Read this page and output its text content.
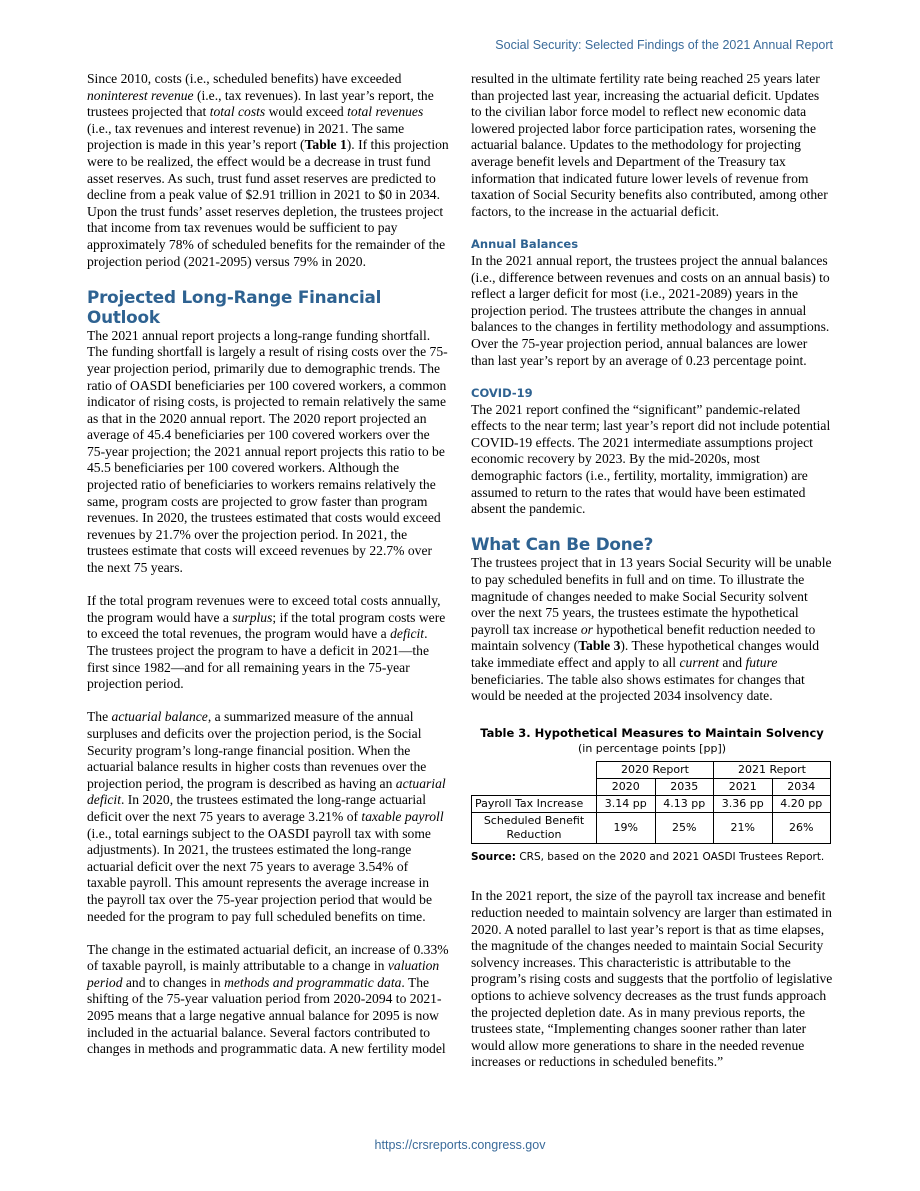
Social Security: Selected Findings of the 2021 Annual Report

Since 2010, costs (i.e., scheduled benefits) have exceeded noninterest revenue (i.e., tax revenues). In last year’s report, the trustees projected that total costs would exceed total revenues (i.e., tax revenues and interest revenue) in 2021. The same projection is made in this year’s report (Table 1). If this projection were to be realized, the effect would be a decrease in trust fund asset reserves. As such, trust fund asset reserves are predicted to decline from a peak value of $2.91 trillion in 2021 to $0 in 2034. Upon the trust funds’ asset reserves depletion, the trustees project that income from tax revenues would be sufficient to pay approximately 78% of scheduled benefits for the remainder of the projection period (2021-2095) versus 79% in 2020.

Projected Long-Range Financial Outlook

The 2021 annual report projects a long-range funding shortfall. The funding shortfall is largely a result of rising costs over the 75-year projection period, primarily due to demographic trends. The ratio of OASDI beneficiaries per 100 covered workers, a common indicator of rising costs, is projected to remain relatively the same as that in the 2020 annual report. The 2020 report projected an average of 45.4 beneficiaries per 100 covered workers over the 75-year projection; the 2021 annual report projects this ratio to be 45.5 beneficiaries per 100 covered workers. Although the projected ratio of beneficiaries to workers remains relatively the same, program costs are projected to grow faster than program revenues. In 2020, the trustees estimated that costs would exceed revenues by 21.7% over the projection period. In 2021, the trustees estimate that costs will exceed revenues by 22.7% over the next 75 years.

If the total program revenues were to exceed total costs annually, the program would have a surplus; if the total program costs were to exceed the total revenues, the program would have a deficit. The trustees project the program to have a deficit in 2021—the first since 1982—and for all remaining years in the 75-year projection period.

The actuarial balance, a summarized measure of the annual surpluses and deficits over the projection period, is the Social Security program’s long-range financial position. When the actuarial balance results in higher costs than revenues over the projection period, the program is described as having an actuarial deficit. In 2020, the trustees estimated the long-range actuarial deficit over the next 75 years to average 3.21% of taxable payroll (i.e., total earnings subject to the OASDI payroll tax with some adjustments). In 2021, the trustees estimated the long-range actuarial deficit over the next 75 years to average 3.54% of taxable payroll. This amount represents the average increase in the payroll tax over the 75-year projection period that would be needed for the program to pay full scheduled benefits on time.

The change in the estimated actuarial deficit, an increase of 0.33% of taxable payroll, is mainly attributable to a change in valuation period and to changes in methods and programmatic data. The shifting of the 75-year valuation period from 2020-2094 to 2021-2095 means that a large negative annual balance for 2095 is now included in the actuarial balance. Several factors contributed to changes in methods and programmatic data. A new fertility model

resulted in the ultimate fertility rate being reached 25 years later than projected last year, increasing the actuarial deficit. Updates to the civilian labor force model to reflect new economic data lowered projected labor force participation rates, worsening the actuarial balance. Updates to the methodology for projecting average benefit levels and Department of the Treasury tax information that indicated future lower levels of revenue from taxation of Social Security benefits also contributed, among other factors, to the increase in the actuarial deficit.

Annual Balances

In the 2021 annual report, the trustees project the annual balances (i.e., difference between revenues and costs on an annual basis) to reflect a larger deficit for most (i.e., 2021-2089) years in the projection period. The trustees attribute the changes in annual balances to the changes in fertility methodology and assumptions. Over the 75-year projection period, annual balances are lower than last year’s report by an average of 0.23 percentage point.

COVID-19

The 2021 report confined the “significant” pandemic-related effects to the near term; last year’s report did not include potential COVID-19 effects. The 2021 intermediate assumptions project economic recovery by 2023. By the mid-2020s, most demographic factors (i.e., fertility, mortality, immigration) are assumed to return to the rates that would have been estimated absent the pandemic.

What Can Be Done?

The trustees project that in 13 years Social Security will be unable to pay scheduled benefits in full and on time. To illustrate the magnitude of changes needed to make Social Security solvent over the next 75 years, the trustees estimate the hypothetical payroll tax increase or hypothetical benefit reduction needed to maintain solvency (Table 3). These hypothetical changes would take immediate effect and apply to all current and future beneficiaries. The table also shows estimates for changes that would be needed at the projected 2034 insolvency date.

Table 3. Hypothetical Measures to Maintain Solvency
(in percentage points [pp])
	2020 Report		2021 Report	
	2020	2035	2021	2034
Payroll Tax Increase	3.14 pp	4.13 pp	3.36 pp	4.20 pp
Scheduled Benefit Reduction	19%	25%	21%	26%
Source: CRS, based on the 2020 and 2021 OASDI Trustees Report.

In the 2021 report, the size of the payroll tax increase and benefit reduction needed to maintain solvency are larger than estimated in 2020. A noted parallel to last year’s report is that as time elapses, the magnitude of the changes needed to maintain Social Security solvency increases. This characteristic is attributable to the program’s rising costs and suggests that the portfolio of legislative options to achieve solvency decreases as the trust funds approach the projected depletion date. As in many previous reports, the trustees state, “Implementing changes sooner rather than later would allow more generations to share in the needed revenue increases or reductions in scheduled benefits.”

https://crsreports.congress.gov
